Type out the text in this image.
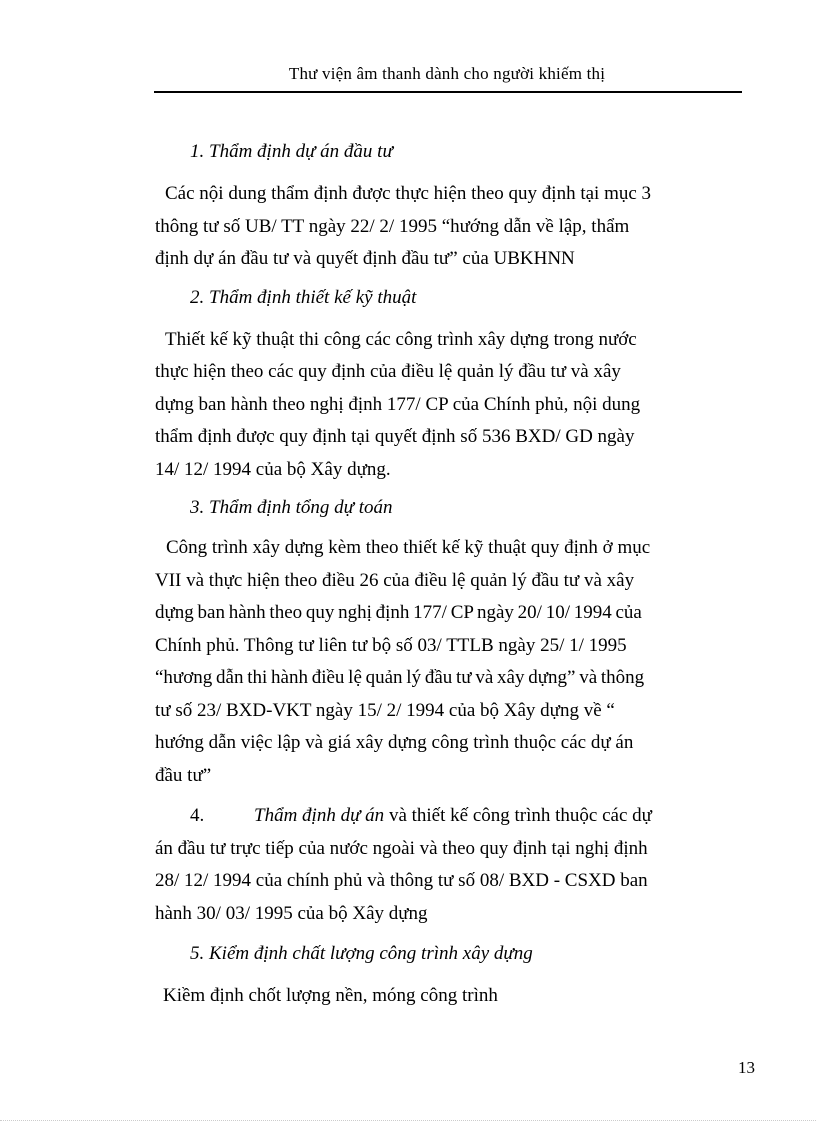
Thư viện âm thanh dành cho người khiếm thị

1. Thẩm định dự án đầu tư

Các nội dung thẩm định được thực hiện theo quy định tại mục 3
thông tư số UB/ TT ngày 22/ 2/ 1995 “hướng dẫn về lập, thẩm
định dự án đầu tư và quyết định đầu tư” của UBKHNN

2. Thẩm định thiết kế kỹ thuật

Thiết kế kỹ thuật thi công các công trình xây dựng trong nước
thực hiện theo các quy định của điều lệ quản lý đầu tư và xây
dựng ban hành theo nghị định 177/ CP của Chính phủ, nội dung
thẩm định được quy định tại quyết định số 536 BXD/ GD ngày
14/ 12/ 1994 của bộ Xây dựng.

3. Thẩm định tổng dự toán

Công trình xây dựng kèm theo thiết kế kỹ thuật quy định ở mục
VII và thực hiện theo điều 26 của điều lệ quản lý đầu tư và xây
dựng ban hành theo quy nghị định 177/ CP ngày 20/ 10/ 1994 của
Chính phủ. Thông tư liên tư bộ số 03/ TTLB ngày 25/ 1/ 1995
“hương dẫn thi hành điều lệ quản lý đầu tư và xây dựng” và thông
tư số 23/ BXD-VKT ngày 15/ 2/ 1994 của bộ Xây dựng về “
hướng dẫn việc lập và giá xây dựng công trình thuộc các dự án
đầu tư”

4.	Thẩm định dự án và thiết kế công trình thuộc các dự
án đầu tư trực tiếp của nước ngoài và theo quy định tại nghị định
28/ 12/ 1994 của chính phủ và thông tư số 08/ BXD - CSXD ban
hành 30/ 03/ 1995 của bộ Xây dựng

5. Kiểm định chất lượng công trình xây dựng

Kiềm định chốt lượng nền, móng công trình

13
